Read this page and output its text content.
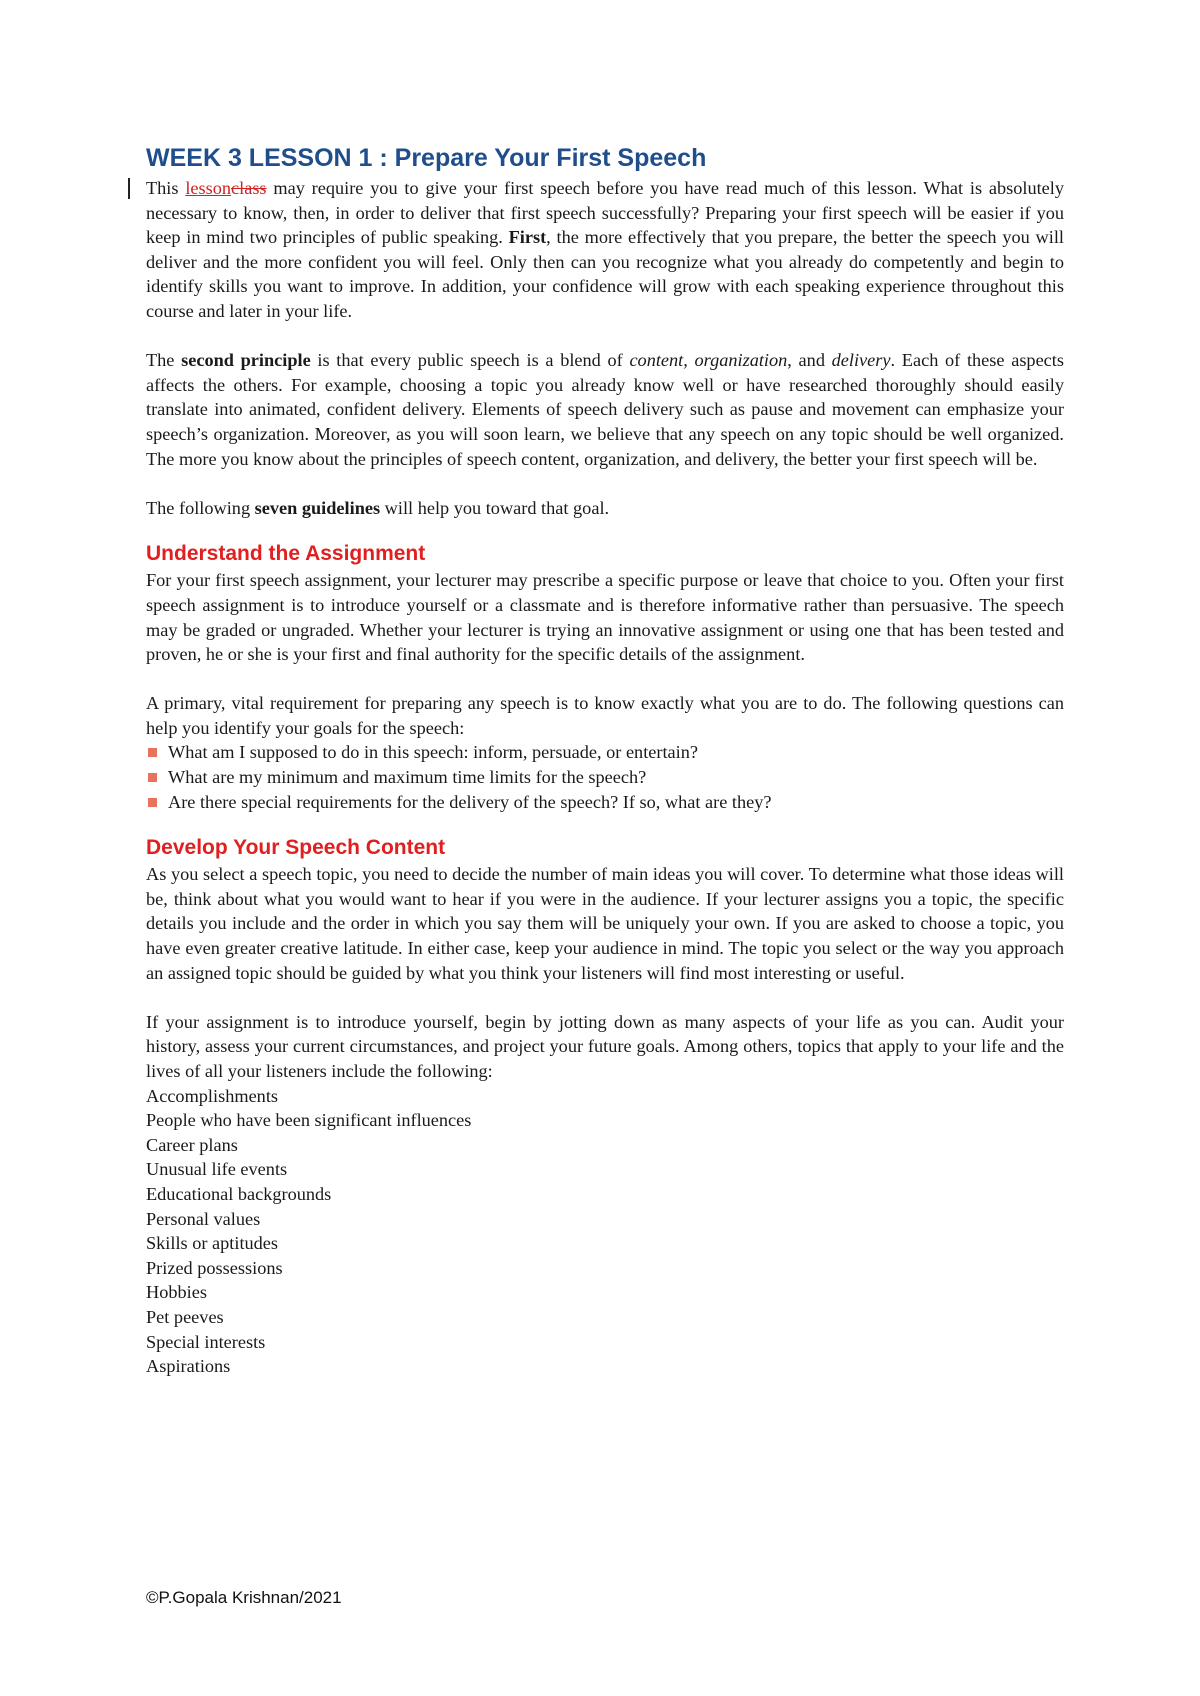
WEEK 3 LESSON 1 : Prepare Your First Speech

This lessonclass may require you to give your first speech before you have read much of this lesson. What is absolutely necessary to know, then, in order to deliver that first speech successfully? Preparing your first speech will be easier if you keep in mind two principles of public speaking. First, the more effectively that you prepare, the better the speech you will deliver and the more confident you will feel. Only then can you recognize what you already do competently and begin to identify skills you want to improve. In addition, your confidence will grow with each speaking experience throughout this course and later in your life.

The second principle is that every public speech is a blend of content, organization, and delivery. Each of these aspects affects the others. For example, choosing a topic you already know well or have researched thoroughly should easily translate into animated, confident delivery. Elements of speech delivery such as pause and movement can emphasize your speech’s organization. Moreover, as you will soon learn, we believe that any speech on any topic should be well organized. The more you know about the principles of speech content, organization, and delivery, the better your first speech will be.

The following seven guidelines will help you toward that goal.

Understand the Assignment

For your first speech assignment, your lecturer may prescribe a specific purpose or leave that choice to you. Often your first speech assignment is to introduce yourself or a classmate and is therefore informative rather than persuasive. The speech may be graded or ungraded. Whether your lecturer is trying an innovative assignment or using one that has been tested and proven, he or she is your first and final authority for the specific details of the assignment.

A primary, vital requirement for preparing any speech is to know exactly what you are to do. The following questions can help you identify your goals for the speech:

What am I supposed to do in this speech: inform, persuade, or entertain?
What are my minimum and maximum time limits for the speech?
Are there special requirements for the delivery of the speech? If so, what are they?
Develop Your Speech Content

As you select a speech topic, you need to decide the number of main ideas you will cover. To determine what those ideas will be, think about what you would want to hear if you were in the audience. If your lecturer assigns you a topic, the specific details you include and the order in which you say them will be uniquely your own. If you are asked to choose a topic, you have even greater creative latitude. In either case, keep your audience in mind. The topic you select or the way you approach an assigned topic should be guided by what you think your listeners will find most interesting or useful.

If your assignment is to introduce yourself, begin by jotting down as many aspects of your life as you can. Audit your history, assess your current circumstances, and project your future goals. Among others, topics that apply to your life and the lives of all your listeners include the following:

Accomplishments
People who have been significant influences
Career plans
Unusual life events
Educational backgrounds
Personal values
Skills or aptitudes
Prized possessions
Hobbies
Pet peeves
Special interests
Aspirations
©P.Gopala Krishnan/2021
